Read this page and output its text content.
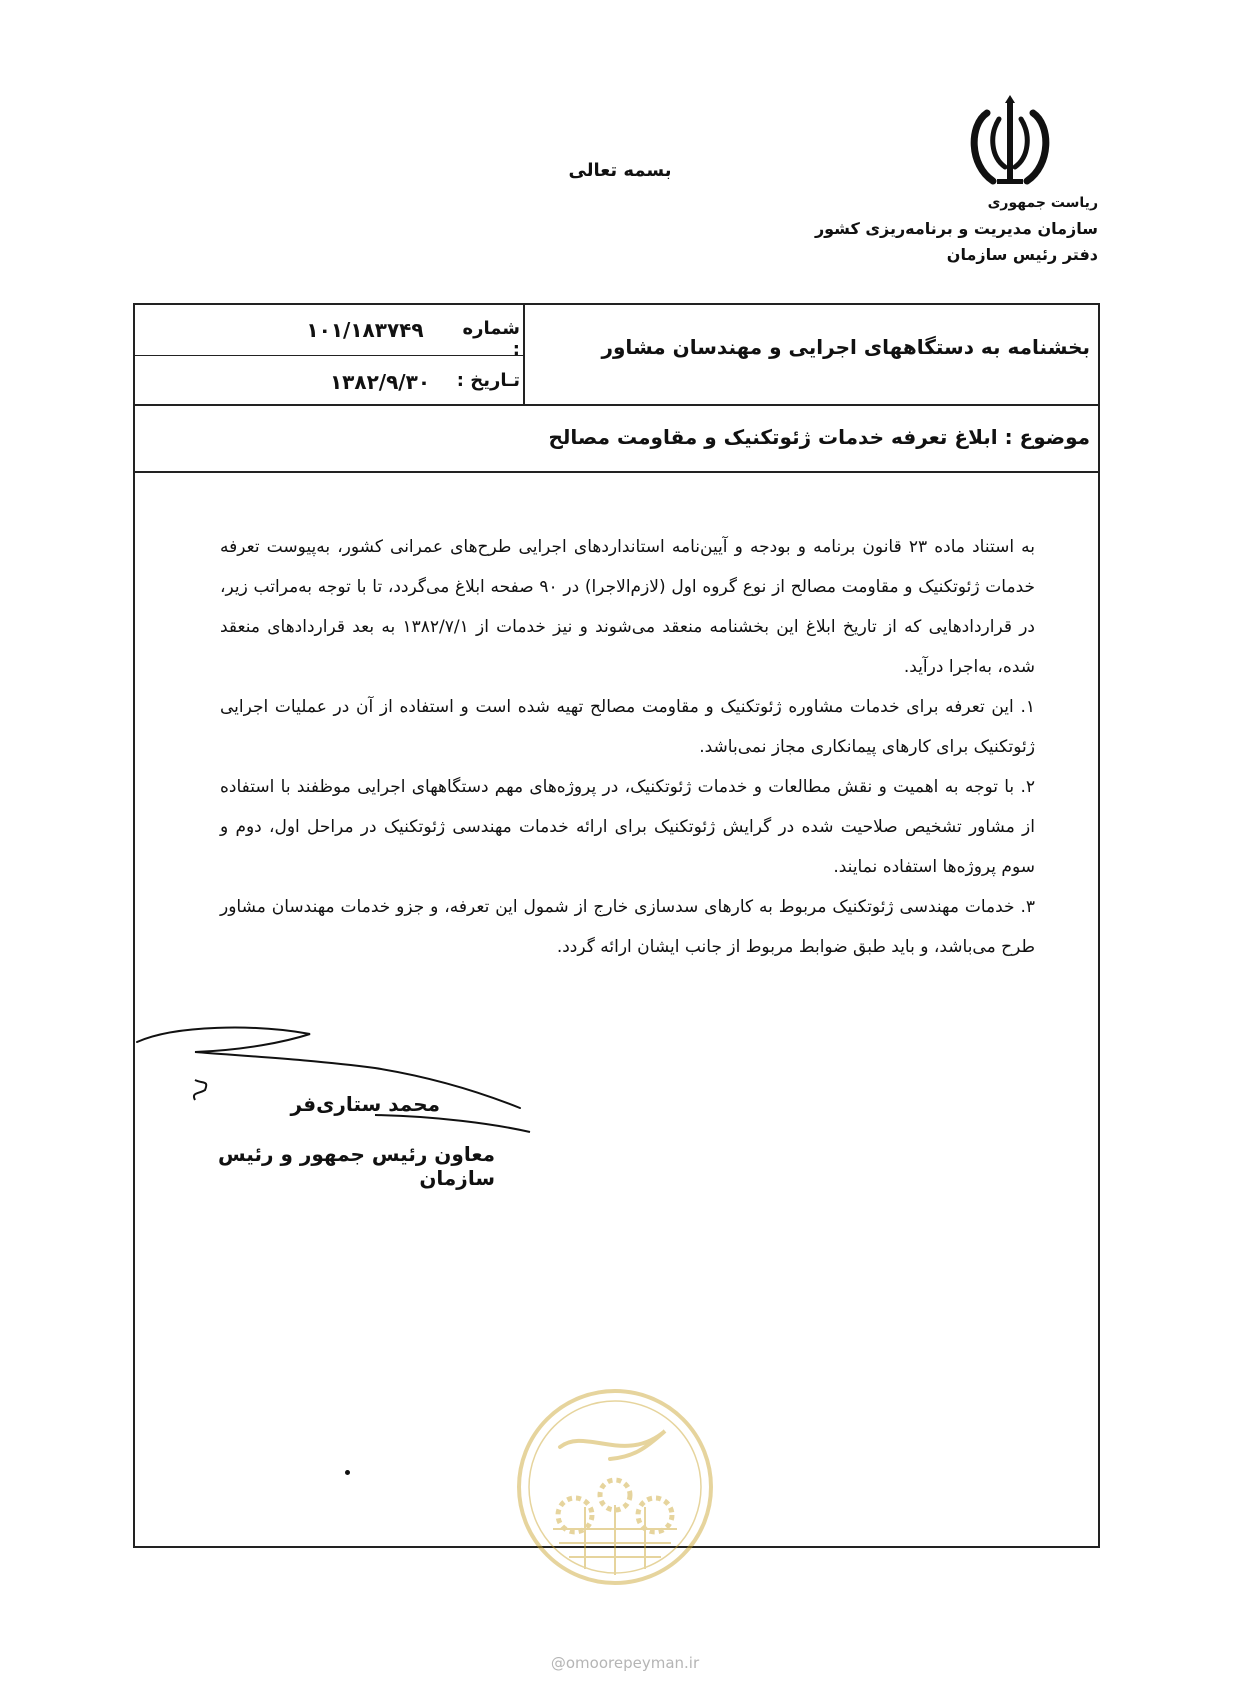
بسمه تعالی
ریاست جمهوری
سازمان مدیریت و برنامه‌ریزی کشور
دفتر رئیس سازمان
بخشنامه به دستگاههای اجرایی و مهندسان مشاور
شماره :
۱۰۱/۱۸۳۷۴۹
تـاریخ :
۱۳۸۲/۹/۳۰
موضوع : ابلاغ تعرفه خدمات ژئوتکنیک و مقاومت مصالح

به استناد ماده ۲۳ قانون برنامه و بودجه و آیین‌نامه استانداردهای اجرایی طرح‌های عمرانی کشور، به‌پیوست تعرفه خدمات ژئوتکنیک و مقاومت مصالح از نوع گروه اول (لازم‌الاجرا) در ۹۰ صفحه ابلاغ می‌گردد، تا با توجه به‌مراتب زیر، در قراردادهایی که از تاریخ ابلاغ این بخشنامه منعقد می‌شوند و نیز خدمات از ۱۳۸۲/۷/۱ به بعد قراردادهای منعقد شده، به‌اجرا درآید.

۱. این تعرفه برای خدمات مشاوره ژئوتکنیک و مقاومت مصالح تهیه شده است و استفاده از آن در عملیات اجرایی ژئوتکنیک برای کارهای پیمانکاری مجاز نمی‌باشد.

۲. با توجه به اهمیت و نقش مطالعات و خدمات ژئوتکنیک، در پروژه‌های مهم دستگاههای اجرایی موظفند با استفاده از مشاور تشخیص صلاحیت شده در گرایش ژئوتکنیک برای ارائه خدمات مهندسی ژئوتکنیک در مراحل اول، دوم و سوم پروژه‌ها استفاده نمایند.

۳. خدمات مهندسی ژئوتکنیک مربوط به کارهای سدسازی خارج از شمول این تعرفه، و جزو خدمات مهندسان مشاور طرح می‌باشد، و باید طبق ضوابط مربوط از جانب ایشان ارائه گردد.

محمد ستاری‌فر
معاون رئیس جمهور و رئیس سازمان
@omoorepeyman.ir
